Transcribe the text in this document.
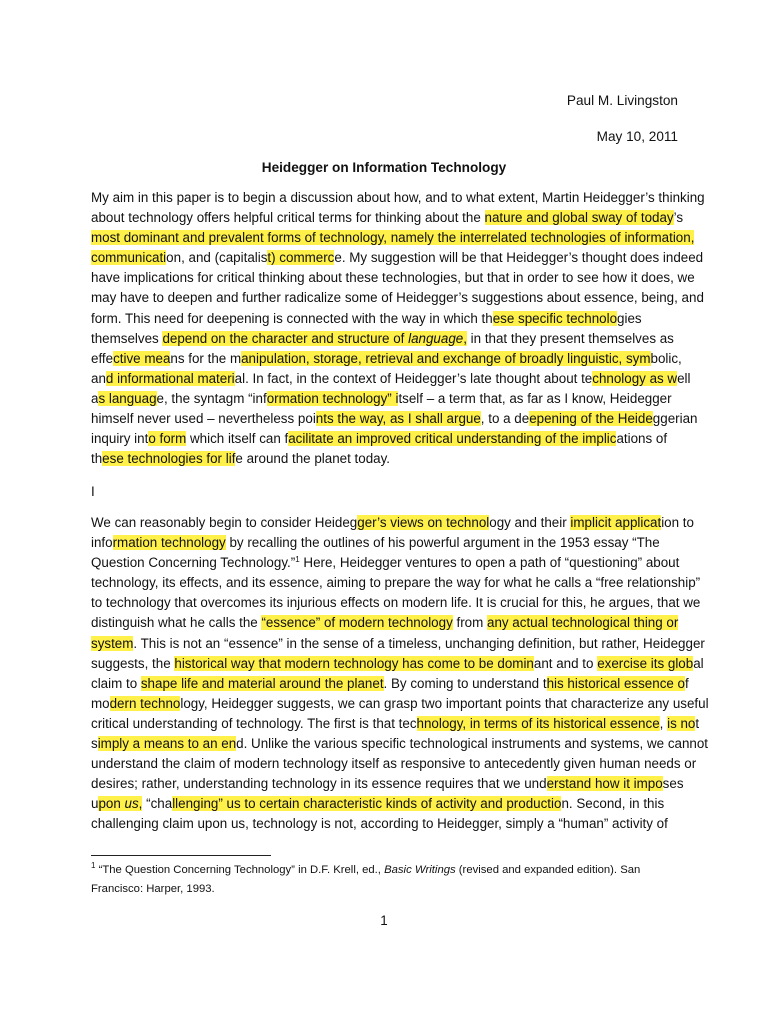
Paul M. Livingston

May 10, 2011

Heidegger on Information Technology

My aim in this paper is to begin a discussion about how, and to what extent, Martin Heidegger’s thinking
about technology offers helpful critical terms for thinking about the nature and global sway of today’s
most dominant and prevalent forms of technology, namely the interrelated technologies of information,
communication, and (capitalist) commerce. My suggestion will be that Heidegger’s thought does indeed
have implications for critical thinking about these technologies, but that in order to see how it does, we
may have to deepen and further radicalize some of Heidegger’s suggestions about essence, being, and
form. This need for deepening is connected with the way in which these specific technologies
themselves depend on the character and structure of language, in that they present themselves as
effective means for the manipulation, storage, retrieval and exchange of broadly linguistic, symbolic,
and informational material. In fact, in the context of Heidegger’s late thought about technology as well
as language, the syntagm “information technology” itself – a term that, as far as I know, Heidegger
himself never used – nevertheless points the way, as I shall argue, to a deepening of the Heideggerian
inquiry into form which itself can facilitate an improved critical understanding of the implications of
these technologies for life around the planet today.

I

We can reasonably begin to consider Heidegger’s views on technology and their implicit application to
information technology by recalling the outlines of his powerful argument in the 1953 essay “The
Question Concerning Technology.”$^1$ Here, Heidegger ventures to open a path of “questioning” about
technology, its effects, and its essence, aiming to prepare the way for what he calls a “free relationship”
to technology that overcomes its injurious effects on modern life. It is crucial for this, he argues, that we
distinguish what he calls the “essence” of modern technology from any actual technological thing or
system. This is not an “essence” in the sense of a timeless, unchanging definition, but rather, Heidegger
suggests, the historical way that modern technology has come to be dominant and to exercise its global
claim to shape life and material around the planet. By coming to understand this historical essence of
modern technology, Heidegger suggests, we can grasp two important points that characterize any useful
critical understanding of technology. The first is that technology, in terms of its historical essence, is not
simply a means to an end. Unlike the various specific technological instruments and systems, we cannot
understand the claim of modern technology itself as responsive to antecedently given human needs or
desires; rather, understanding technology in its essence requires that we understand how it imposes
upon us, “challenging” us to certain characteristic kinds of activity and production. Second, in this
challenging claim upon us, technology is not, according to Heidegger, simply a “human” activity of
$^1$ “The Question Concerning Technology” in D.F. Krell, ed., Basic Writings (revised and expanded edition). San
Francisco: Harper, 1993.

1
